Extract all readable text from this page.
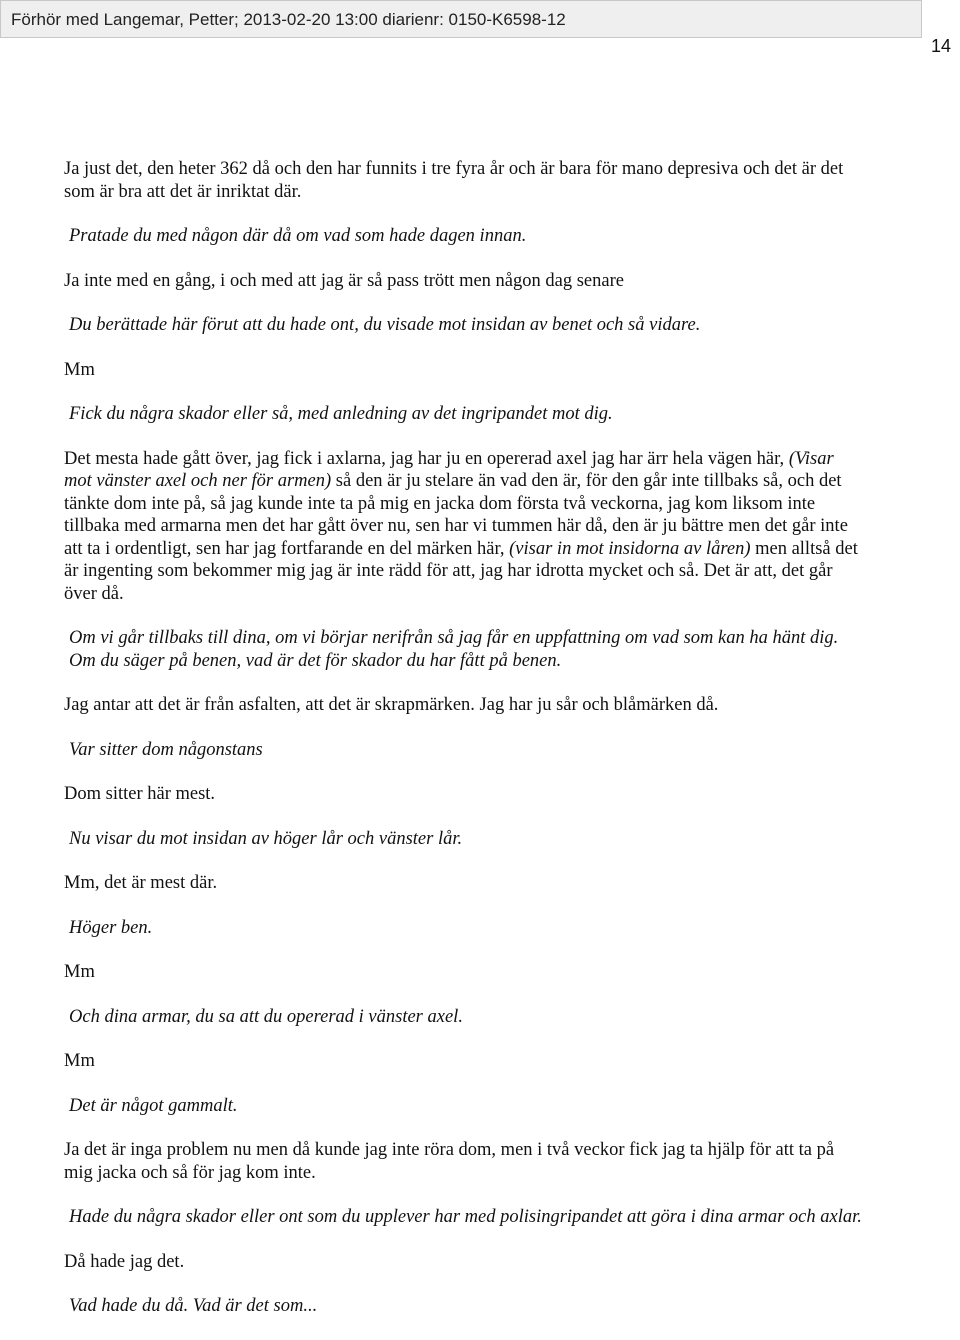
Förhör med Langemar, Petter; 2013-02-20 13:00 diarienr: 0150-K6598-12
14

Ja just det, den heter 362 då och den har funnits i tre fyra år och är bara för mano depresiva och det är det som är bra att det är inriktat där.

Pratade du med någon där då om vad som hade dagen innan.

Ja inte med en gång, i och med att jag är så pass trött men någon dag senare

Du berättade här förut att du hade ont, du visade mot insidan av benet och så vidare.

Mm

Fick du några skador eller så, med anledning av det ingripandet mot dig.

Det mesta hade gått över, jag fick i axlarna, jag har ju en opererad axel jag har ärr hela vägen här, (Visar mot vänster axel och ner för armen) så den är ju stelare än vad den är, för den går inte tillbaks så, och det tänkte dom inte på, så jag kunde inte ta på mig en jacka dom första två veckorna, jag kom liksom inte tillbaka med armarna men det har gått över nu, sen har vi tummen här då, den är ju bättre men det går inte att ta i ordentligt, sen har jag fortfarande en del märken här, (visar in mot insidorna av låren) men alltså det är ingenting som bekommer mig jag är inte rädd för att, jag har idrotta mycket och så. Det är att, det går över då.

Om vi går tillbaks till dina, om vi börjar nerifrån så jag får en uppfattning om vad som kan ha hänt dig. Om du säger på benen, vad är det för skador du har fått på benen.

Jag antar att det är från asfalten, att det är skrapmärken. Jag har ju sår och blåmärken då.

Var sitter dom någonstans

Dom sitter här mest.

Nu visar du mot insidan av höger lår och vänster lår.

Mm, det är mest där.

Höger ben.

Mm

Och dina armar, du sa att du opererad i vänster axel.

Mm

Det är något gammalt.

Ja det är inga problem nu men då kunde jag inte röra dom, men i två veckor fick jag ta hjälp för att ta på mig jacka och så för jag kom inte.

Hade du några skador eller ont som du upplever har med polisingripandet att göra i dina armar och axlar.

Då hade jag det.

Vad hade du då. Vad är det som...
